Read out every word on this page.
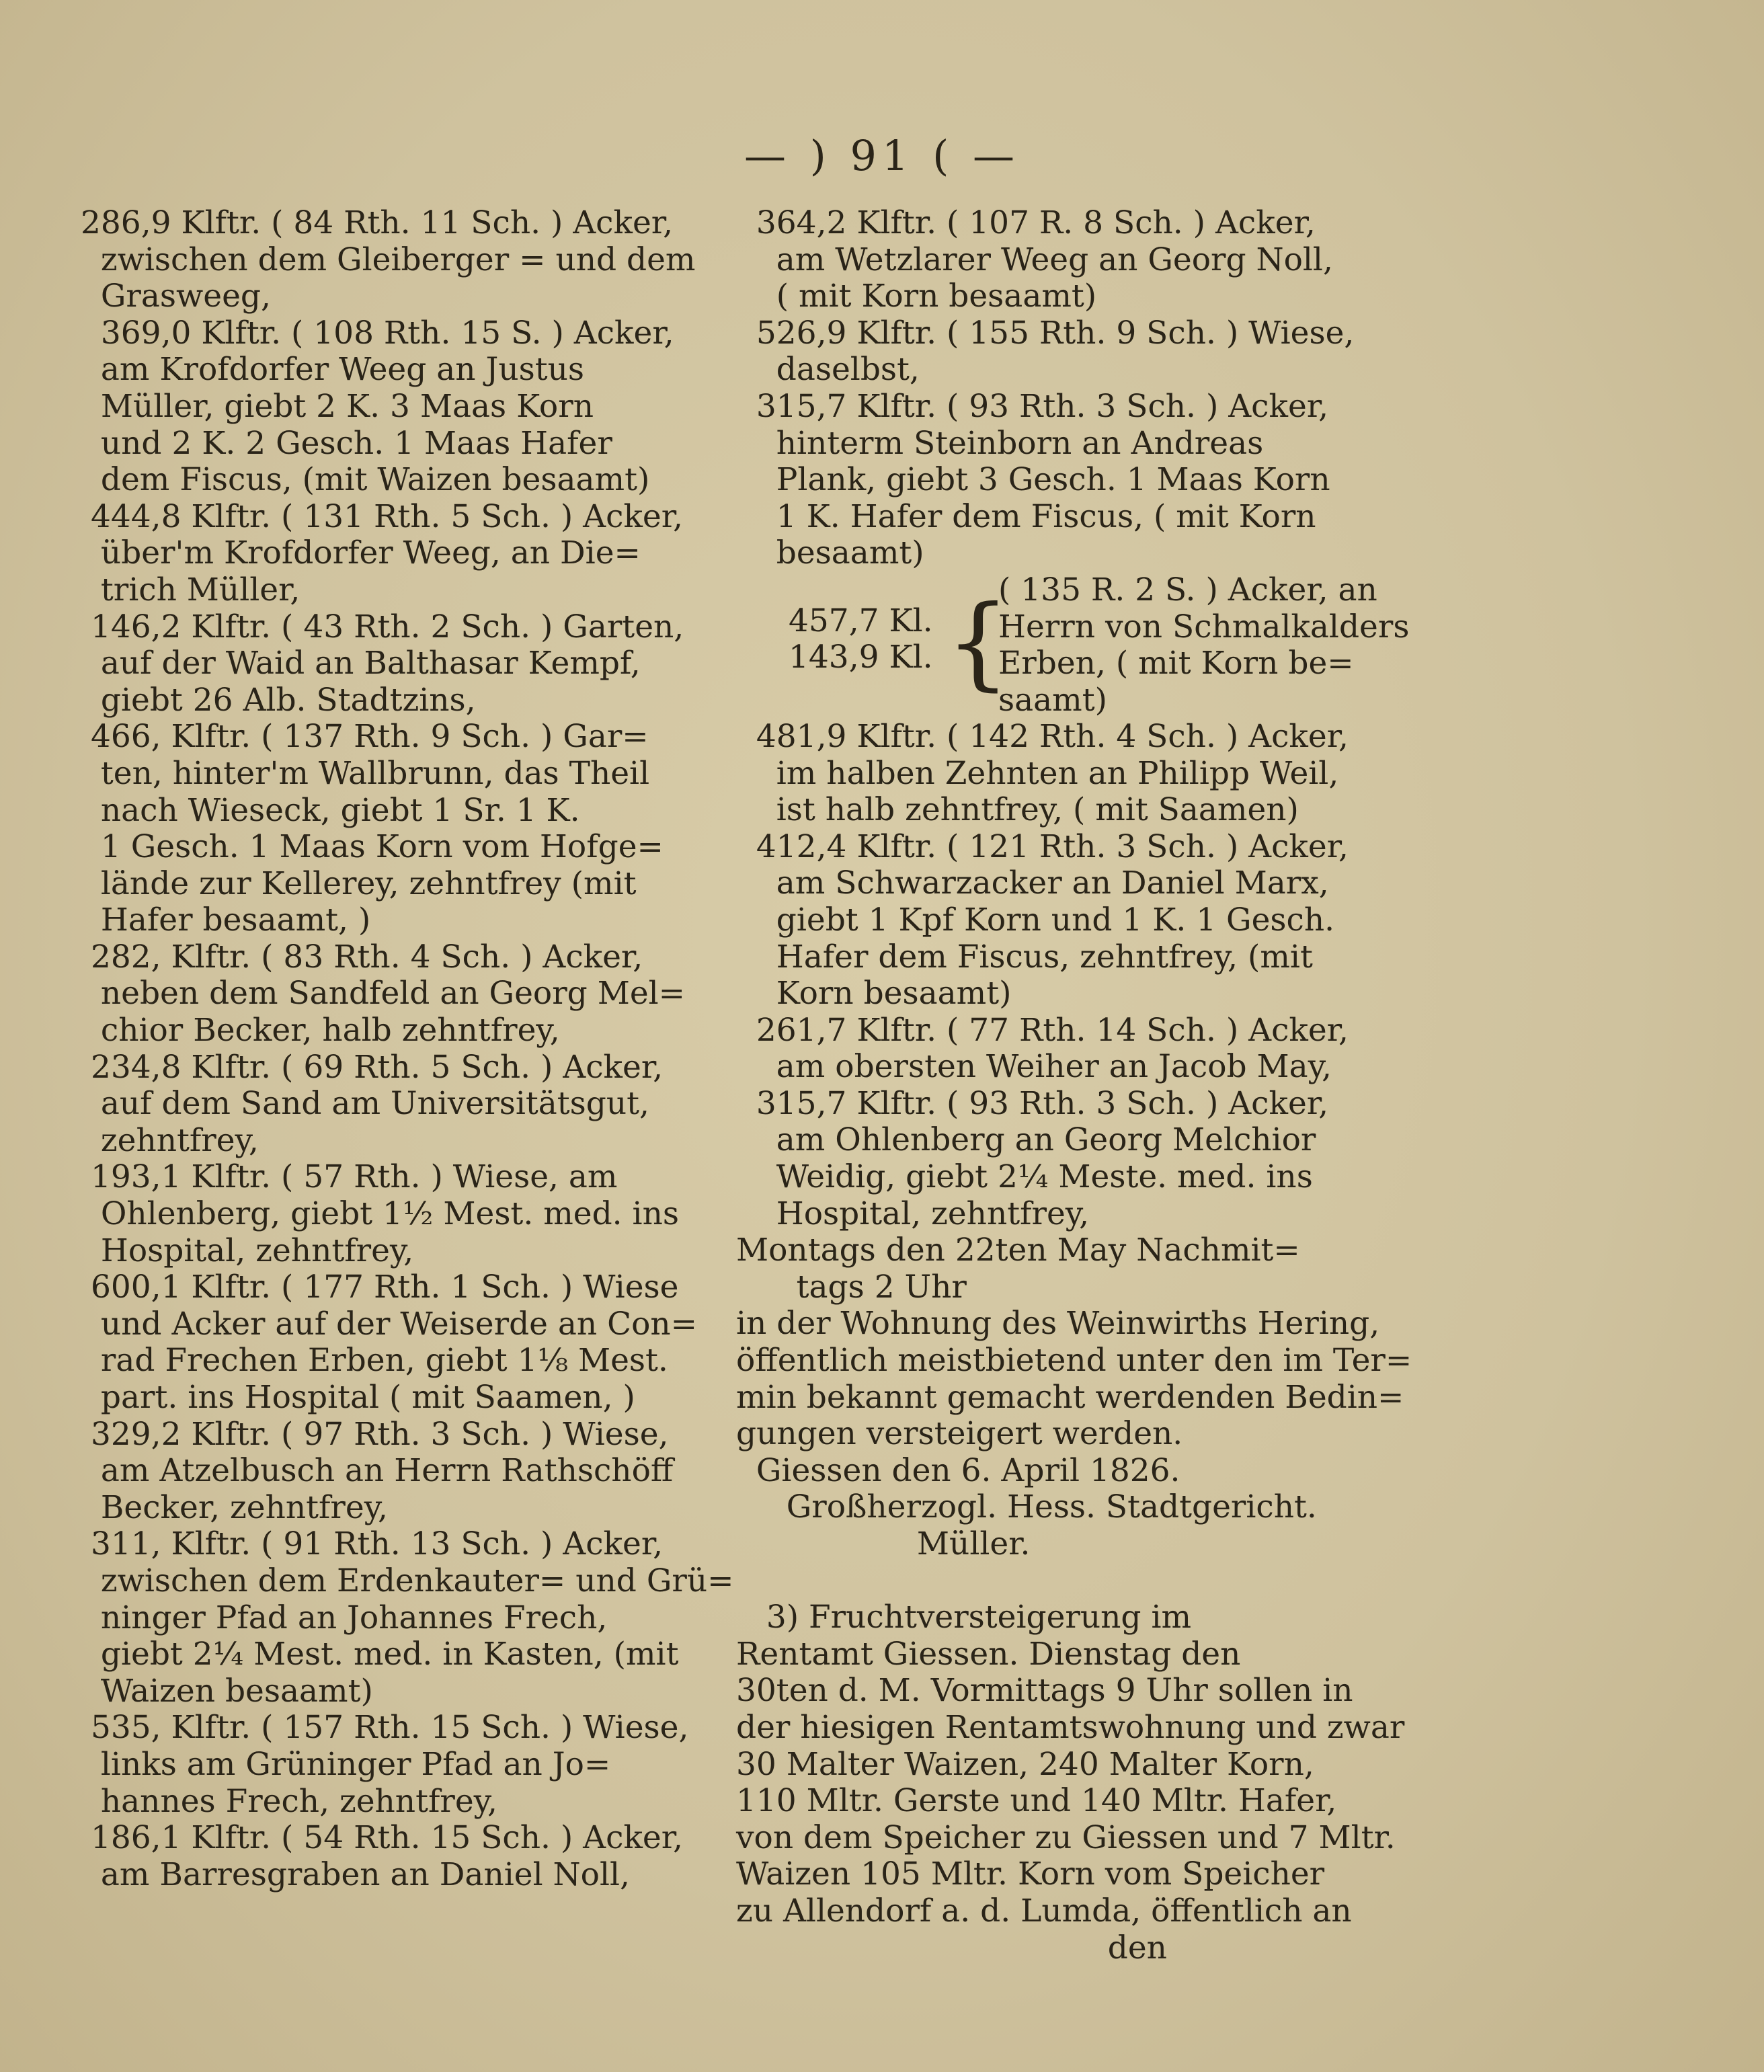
— ) 91 ( —
286,9 Klftr. ( 84 Rth. 11 Sch. ) Acker,
zwischen dem Gleiberger = und dem
Grasweeg,
369,0 Klftr. ( 108 Rth. 15 S. ) Acker,
am Krofdorfer Weeg an Justus
Müller, giebt 2 K. 3 Maas Korn
und 2 K. 2 Gesch. 1 Maas Hafer
dem Fiscus, (mit Waizen besaamt)
444,8 Klftr. ( 131 Rth. 5 Sch. ) Acker,
über'm Krofdorfer Weeg, an Die=
trich Müller,
146,2 Klftr. ( 43 Rth. 2 Sch. ) Garten,
auf der Waid an Balthasar Kempf,
giebt 26 Alb. Stadtzins,
466, Klftr. ( 137 Rth. 9 Sch. ) Gar=
ten, hinter'm Wallbrunn, das Theil
nach Wieseck, giebt 1 Sr. 1 K.
1 Gesch. 1 Maas Korn vom Hofge=
lände zur Kellerey, zehntfrey (mit
Hafer besaamt, )
282, Klftr. ( 83 Rth. 4 Sch. ) Acker,
neben dem Sandfeld an Georg Mel=
chior Becker, halb zehntfrey,
234,8 Klftr. ( 69 Rth. 5 Sch. ) Acker,
auf dem Sand am Universitätsgut,
zehntfrey,
193,1 Klftr. ( 57 Rth. ) Wiese, am
Ohlenberg, giebt 1½ Mest. med. ins
Hospital, zehntfrey,
600,1 Klftr. ( 177 Rth. 1 Sch. ) Wiese
und Acker auf der Weiserde an Con=
rad Frechen Erben, giebt 1⅛ Mest.
part. ins Hospital ( mit Saamen, )
329,2 Klftr. ( 97 Rth. 3 Sch. ) Wiese,
am Atzelbusch an Herrn Rathschöff
Becker, zehntfrey,
311, Klftr. ( 91 Rth. 13 Sch. ) Acker,
zwischen dem Erdenkauter= und Grü=
ninger Pfad an Johannes Frech,
giebt 2¼ Mest. med. in Kasten, (mit
Waizen besaamt)
535, Klftr. ( 157 Rth. 15 Sch. ) Wiese,
links am Grüninger Pfad an Jo=
hannes Frech, zehntfrey,
186,1 Klftr. ( 54 Rth. 15 Sch. ) Acker,
am Barresgraben an Daniel Noll,
364,2 Klftr. ( 107 R. 8 Sch. ) Acker,
am Wetzlarer Weeg an Georg Noll,
( mit Korn besaamt)
526,9 Klftr. ( 155 Rth. 9 Sch. ) Wiese,
daselbst,
315,7 Klftr. ( 93 Rth. 3 Sch. ) Acker,
hinterm Steinborn an Andreas
Plank, giebt 3 Gesch. 1 Maas Korn
1 K. Hafer dem Fiscus, ( mit Korn
besaamt)
457,7 Kl.
143,9 Kl. {
( 135 R. 2 S. ) Acker, an
Herrn von Schmalkalders
Erben, ( mit Korn be=
saamt)
481,9 Klftr. ( 142 Rth. 4 Sch. ) Acker,
im halben Zehnten an Philipp Weil,
ist halb zehntfrey, ( mit Saamen)
412,4 Klftr. ( 121 Rth. 3 Sch. ) Acker,
am Schwarzacker an Daniel Marx,
giebt 1 Kpf Korn und 1 K. 1 Gesch.
Hafer dem Fiscus, zehntfrey, (mit
Korn besaamt)
261,7 Klftr. ( 77 Rth. 14 Sch. ) Acker,
am obersten Weiher an Jacob May,
315,7 Klftr. ( 93 Rth. 3 Sch. ) Acker,
am Ohlenberg an Georg Melchior
Weidig, giebt 2¼ Meste. med. ins
Hospital, zehntfrey,
Montags den 22ten May Nachmit=
tags 2 Uhr
in der Wohnung des Weinwirths Hering,
öffentlich meistbietend unter den im Ter=
min bekannt gemacht werdenden Bedin=
gungen versteigert werden.
Giessen den 6. April 1826.
Großherzogl. Hess. Stadtgericht.
Müller.
3) Fruchtversteigerung im
Rentamt Giessen. Dienstag den
30ten d. M. Vormittags 9 Uhr sollen in
der hiesigen Rentamtswohnung und zwar
30 Malter Waizen, 240 Malter Korn,
110 Mltr. Gerste und 140 Mltr. Hafer,
von dem Speicher zu Giessen und 7 Mltr.
Waizen 105 Mltr. Korn vom Speicher
zu Allendorf a. d. Lumda, öffentlich an
den
